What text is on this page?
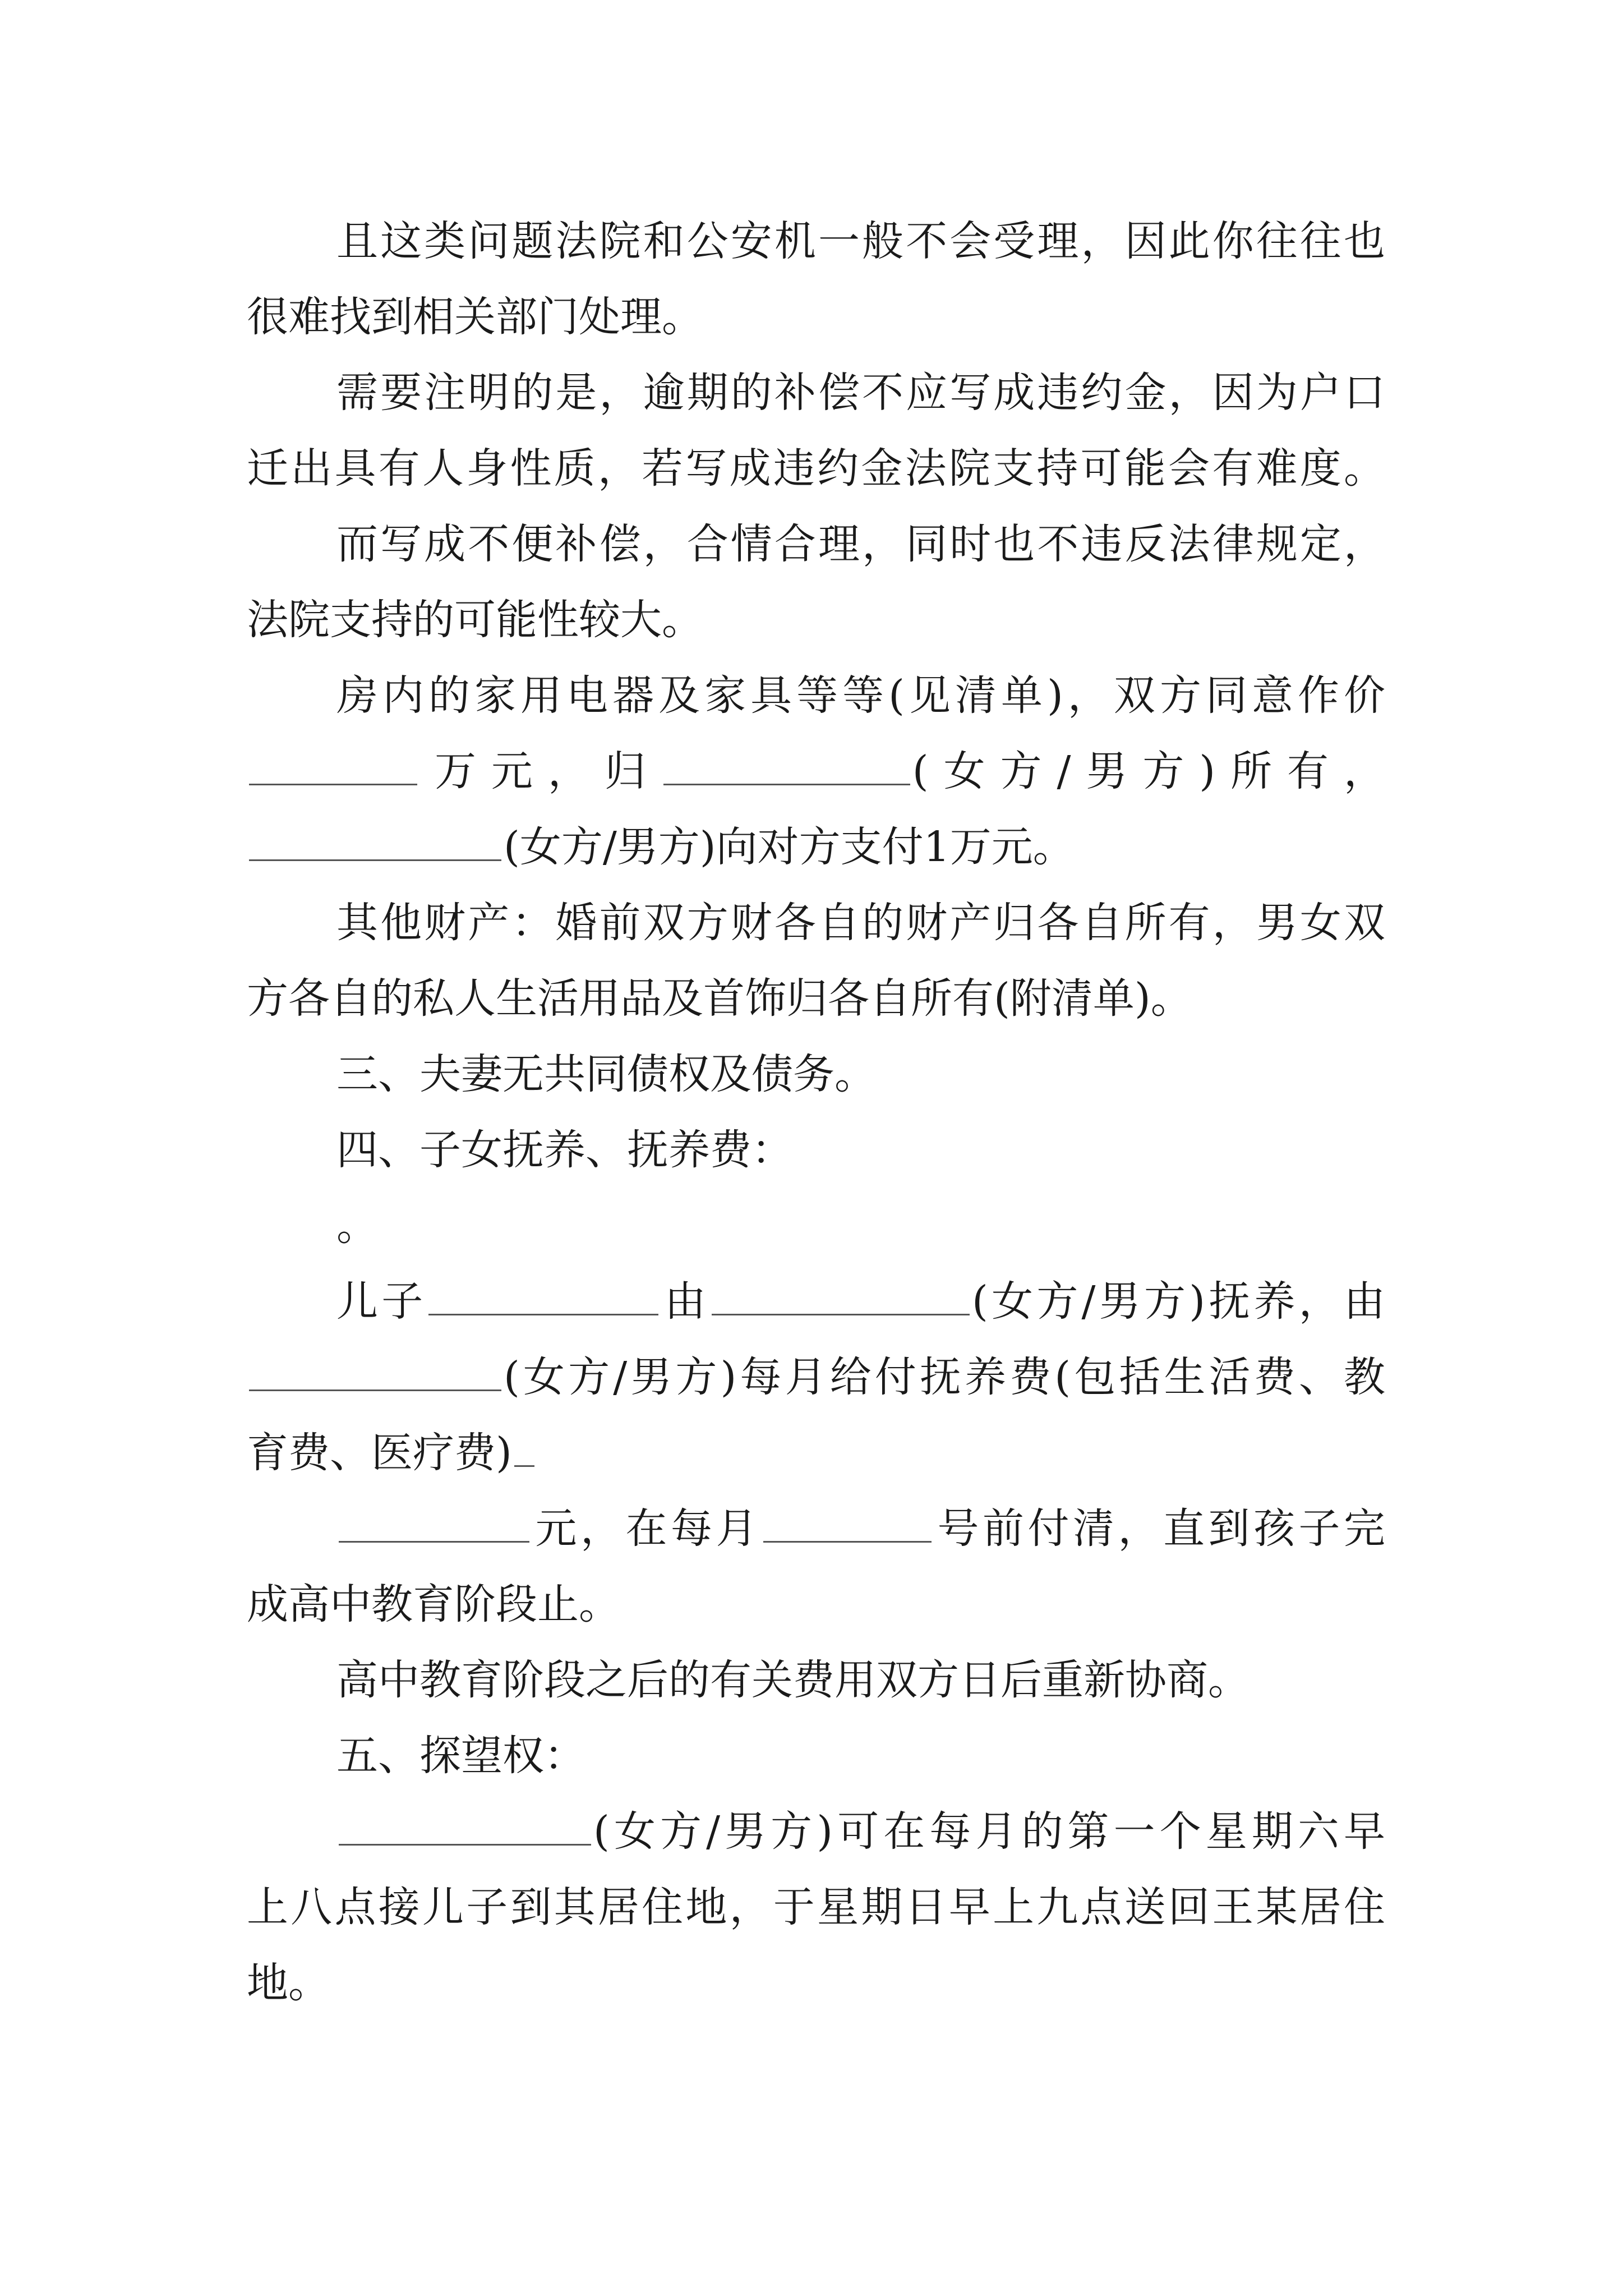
且这类问题法院和公安机一般不会受理，因此你往往也
很难找到相关部门处理。
需要注明的是，逾期的补偿不应写成违约金，因为户口
迁出具有人身性质，若写成违约金法院支持可能会有难度。
而写成不便补偿，合情合理，同时也不违反法律规定，
法院支持的可能性较大。
房内的家用电器及家具等等(见清单)，双方同意作价
万元，归	(女方/男方)所有，
(女方/男方)向对方支付1万元。
其他财产：婚前双方财各自的财产归各自所有，男女双
方各自的私人生活用品及首饰归各自所有(附清单)。
三、夫妻无共同债权及债务。
四、子女抚养、抚养费：
。
儿子	由	(女方/男方)抚养，由
(女方/男方)每月给付抚养费(包括生活费、教
育费、医疗费)
元，在每月	号前付清，直到孩子完
成高中教育阶段止。
高中教育阶段之后的有关费用双方日后重新协商。
五、探望权：
(女方/男方)可在每月的第一个星期六早
上八点接儿子到其居住地，于星期日早上九点送回王某居住
地。
